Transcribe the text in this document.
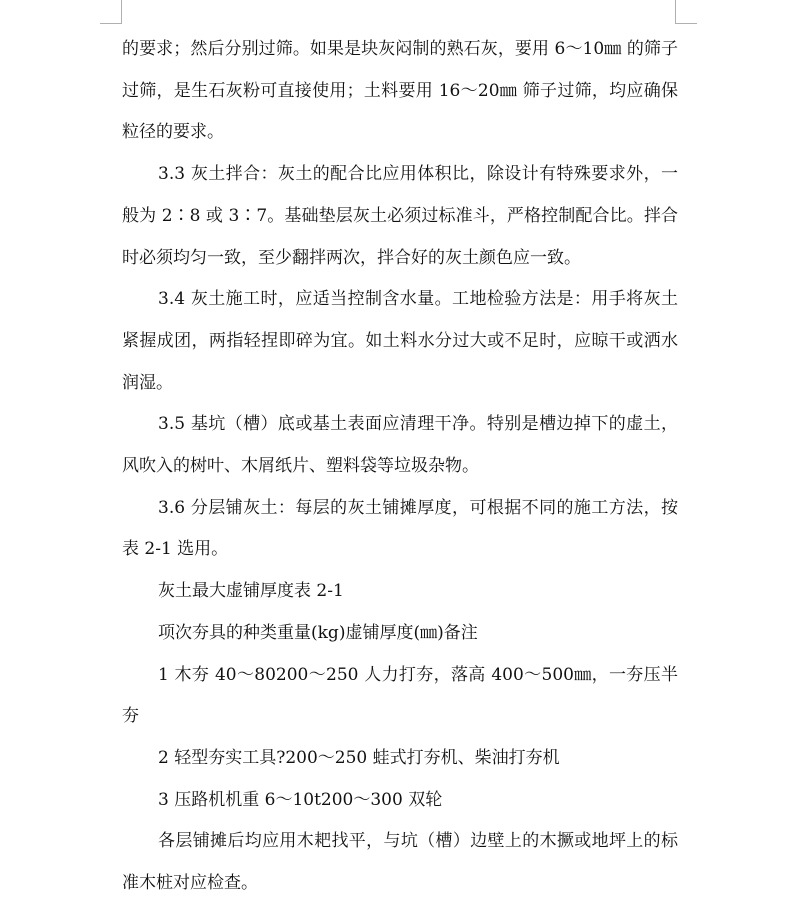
的要求；然后分别过筛。如果是块灰闷制的熟石灰，要用 6～10㎜ 的筛子过筛，是生石灰粉可直接使用；土料要用 16～20㎜ 筛子过筛，均应确保粒径的要求。

3.3 灰土拌合：灰土的配合比应用体积比，除设计有特殊要求外，一般为 2∶8 或 3∶7。基础垫层灰土必须过标准斗，严格控制配合比。拌合时必须均匀一致，至少翻拌两次，拌合好的灰土颜色应一致。

3.4 灰土施工时，应适当控制含水量。工地检验方法是：用手将灰土紧握成团，两指轻捏即碎为宜。如土料水分过大或不足时，应晾干或洒水润湿。

3.5 基坑（槽）底或基土表面应清理干净。特别是槽边掉下的虚土，风吹入的树叶、木屑纸片、塑料袋等垃圾杂物。

3.6 分层铺灰土：每层的灰土铺摊厚度，可根据不同的施工方法，按表 2-1 选用。

灰土最大虚铺厚度表 2-1

项次夯具的种类重量(kg)虚铺厚度(㎜)备注

1 木夯 40～80200～250 人力打夯，落高 400～500㎜，一夯压半夯

2 轻型夯实工具?200～250 蛙式打夯机、柴油打夯机

3 压路机机重 6～10t200～300 双轮

各层铺摊后均应用木耙找平，与坑（槽）边壁上的木撅或地坪上的标准木桩对应检查。
